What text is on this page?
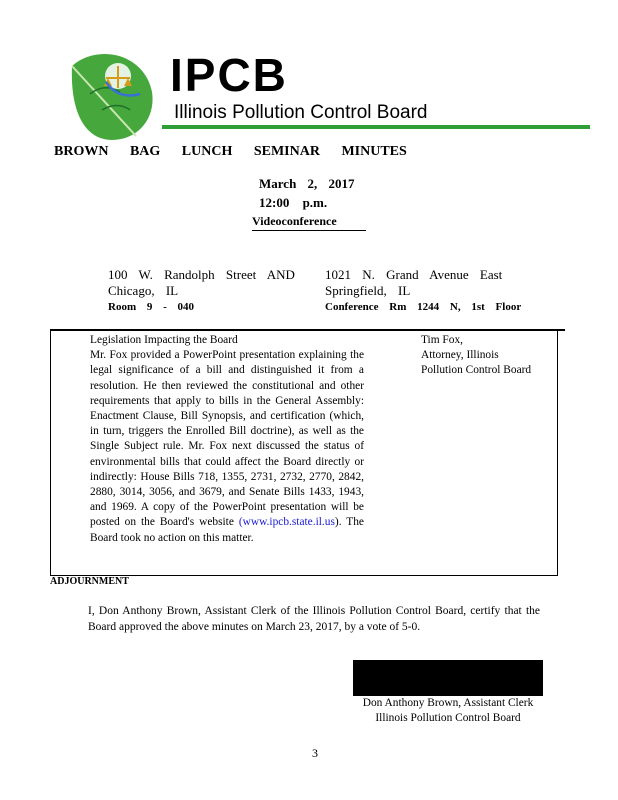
IPCB
Illinois Pollution Control Board
BROWN BAG LUNCH SEMINAR MINUTES
March 2, 2017
12:00 p.m.
Videoconference
100 W. Randolph Street AND
Chicago, IL
Room 9 - 040
1021 N. Grand Avenue East
Springfield, IL
Conference Rm 1244 N, 1st Floor
Legislation Impacting the Board
Mr. Fox provided a PowerPoint presentation explaining the legal significance of a bill and distinguished it from a resolution. He then reviewed the constitutional and other requirements that apply to bills in the General Assembly: Enactment Clause, Bill Synopsis, and certification (which, in turn, triggers the Enrolled Bill doctrine), as well as the Single Subject rule. Mr. Fox next discussed the status of environmental bills that could affect the Board directly or indirectly: House Bills 718, 1355, 2731, 2732, 2770, 2842, 2880, 3014, 3056, and 3679, and Senate Bills 1433, 1943, and 1969. A copy of the PowerPoint presentation will be posted on the Board's website (www.ipcb.state.il.us). The Board took no action on this matter.
Tim Fox,
Attorney, Illinois
Pollution Control Board
ADJOURNMENT
I, Don Anthony Brown, Assistant Clerk of the Illinois Pollution Control Board, certify that the Board approved the above minutes on March 23, 2017, by a vote of 5-0.
Don Anthony Brown, Assistant Clerk
Illinois Pollution Control Board
3
